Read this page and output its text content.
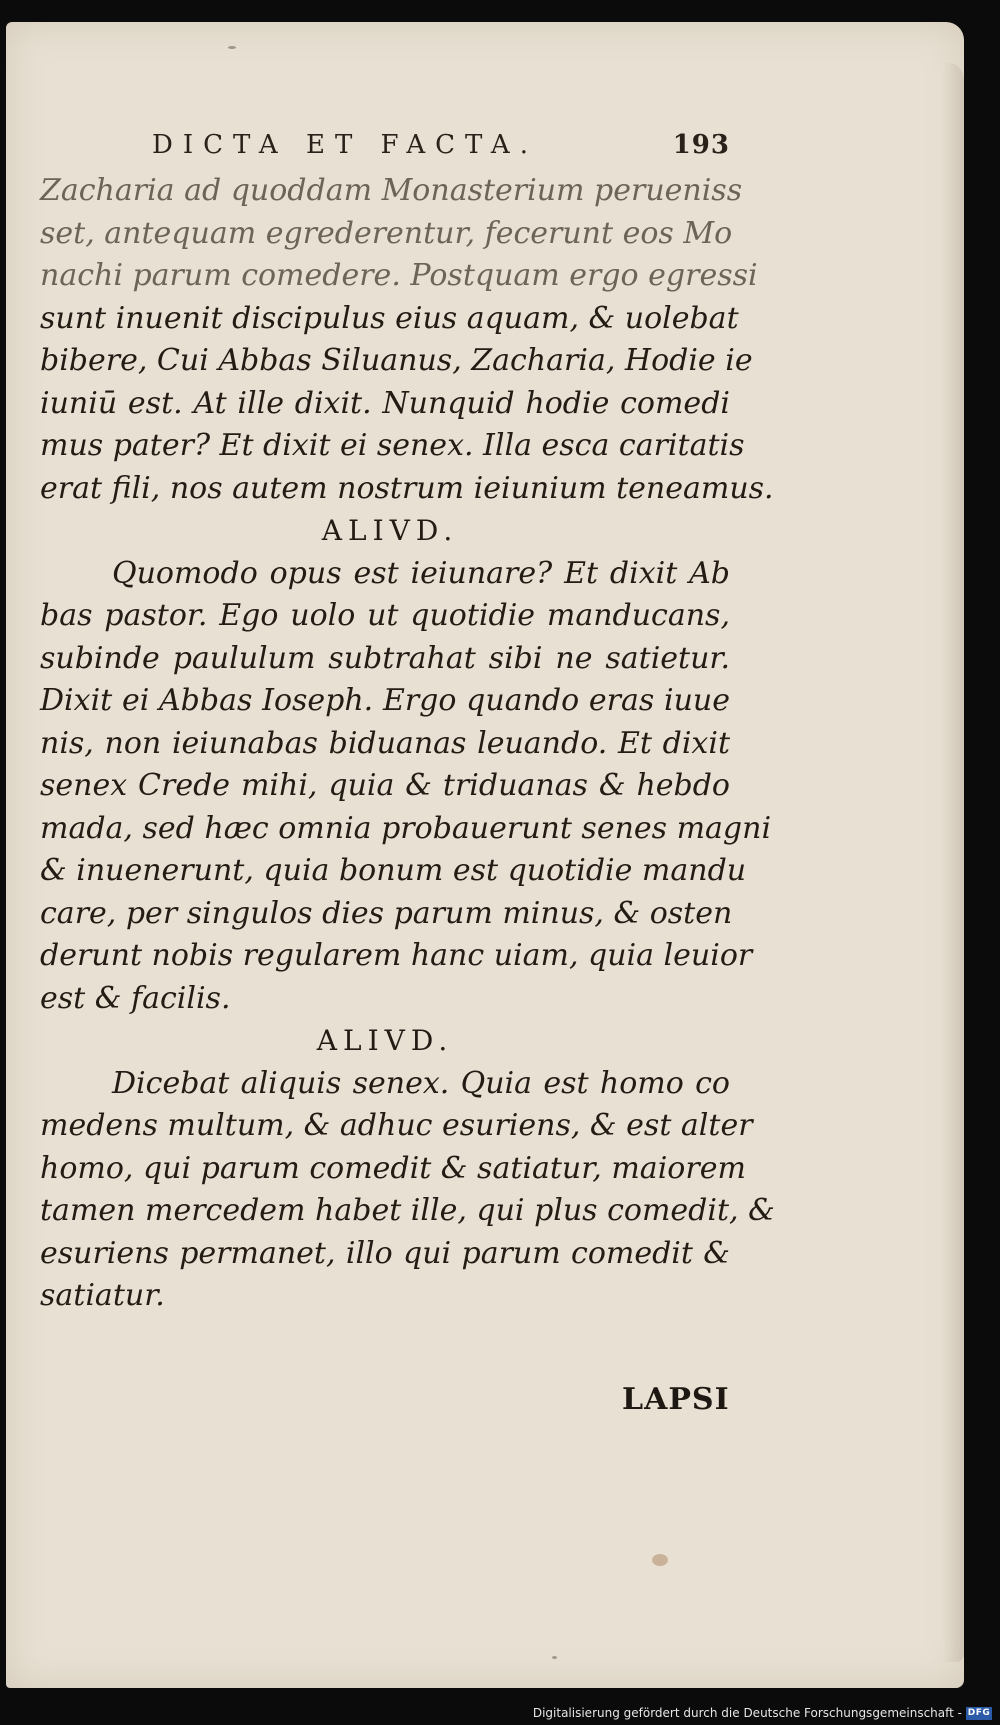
DICTA ET FACTA.	193
Zacharia ad quoddam Monasterium perueniss
set, antequam egrederentur, fecerunt eos Mo
nachi parum comedere. Postquam ergo egressi
sunt inuenit discipulus eius aquam, & uolebat
bibere, Cui Abbas Siluanus, Zacharia, Hodie ie
iuniū est. At ille dixit. Nunquid hodie comedi
mus pater? Et dixit ei senex. Illa esca caritatis
erat fili, nos autem nostrum ieiunium teneamus.
ALIVD.
Quomodo opus est ieiunare? Et dixit Ab
bas pastor. Ego uolo ut quotidie manducans,
subinde paululum subtrahat sibi ne satietur.
Dixit ei Abbas Ioseph. Ergo quando eras iuue
nis, non ieiunabas biduanas leuando. Et dixit
senex Crede mihi, quia & triduanas & hebdo
mada, sed hæc omnia probauerunt senes magni
& inuenerunt, quia bonum est quotidie mandu
care, per singulos dies parum minus, & osten
derunt nobis regularem hanc uiam, quia leuior
est & facilis.
ALIVD.
Dicebat aliquis senex. Quia est homo co
medens multum, & adhuc esuriens, & est alter
homo, qui parum comedit & satiatur, maiorem
tamen mercedem habet ille, qui plus comedit, &
esuriens permanet, illo qui parum comedit &
satiatur.
LAPSI
Digitalisierung gefördert durch die Deutsche Forschungsgemeinschaft - DFG
